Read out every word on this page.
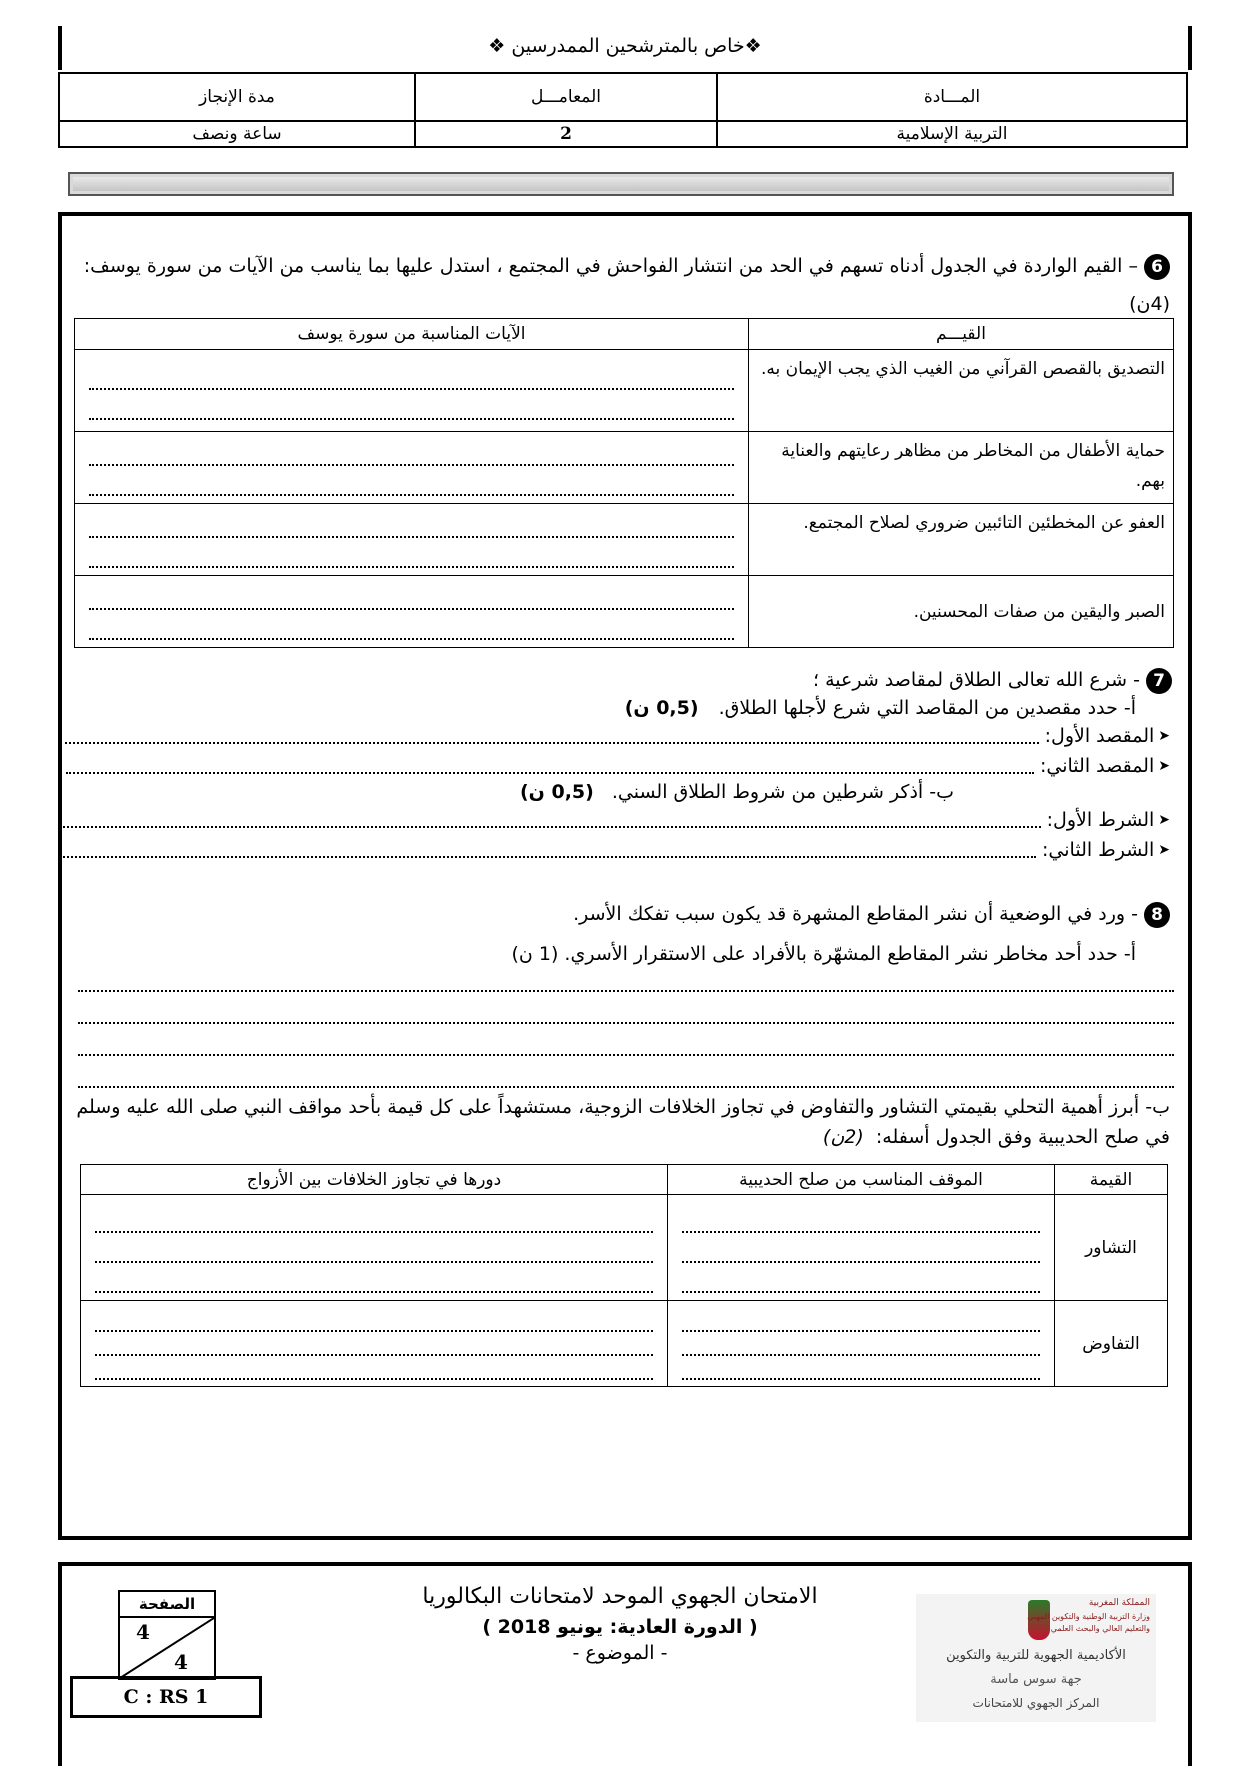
❖خاص بالمترشحين الممدرسين ❖
المـــادة	المعامـــل	مدة الإنجاز
التربية الإسلامية	2	ساعة ونصف
6– القيم الواردة في الجدول أدناه تسهم في الحد من انتشار الفواحش في المجتمع ، استدل عليها بما يناسب من الآيات من سورة يوسف:
(4ن)
القيـــم	الآيات المناسبة من سورة يوسف
التصديق بالقصص القرآني من الغيب الذي يجب الإيمان به.	

حماية الأطفال من المخاطر من مظاهر رعايتهم والعناية بهم.	

العفو عن المخطئين التائبين ضروري لصلاح المجتمع.	

الصبر واليقين من صفات المحسنين.	
7- شرع الله تعالى الطلاق لمقاصد شرعية ؛
أ- حدد مقصدين من المقاصد التي شرع لأجلها الطلاق. (0,5 ن)
➤
المقصد الأول:
➤
المقصد الثاني:
ب- أذكر شرطين من شروط الطلاق السني. (0,5 ن)
➤
الشرط الأول:
➤
الشرط الثاني:
8- ورد في الوضعية أن نشر المقاطع المشهرة قد يكون سبب تفكك الأسر.
أ- حدد أحد مخاطر نشر المقاطع المشهّرة بالأفراد على الاستقرار الأسري. (1 ن)
ب- أبرز أهمية التحلي بقيمتي التشاور والتفاوض في تجاوز الخلافات الزوجية، مستشهداً على كل قيمة بأحد مواقف النبي صلى الله عليه وسلم في صلح الحديبية وفق الجدول أسفله: (2ن)
القيمة	الموقف المناسب من صلح الحديبية	دورها في تجاوز الخلافات بين الأزواج
التشاور	

التفاوض	

الامتحان الجهوي الموحد لامتحانات البكالوريا
( الدورة العادية: يونيو 2018 )
- الموضوع -
الصفحة
4
4
C : RS 1
المملكة المغربية
وزارة التربية الوطنية والتكوين المهني
والتعليم العالي والبحث العلمي
الأكاديمية الجهوية للتربية والتكوين
جهة سوس ماسة
المركز الجهوي للامتحانات
